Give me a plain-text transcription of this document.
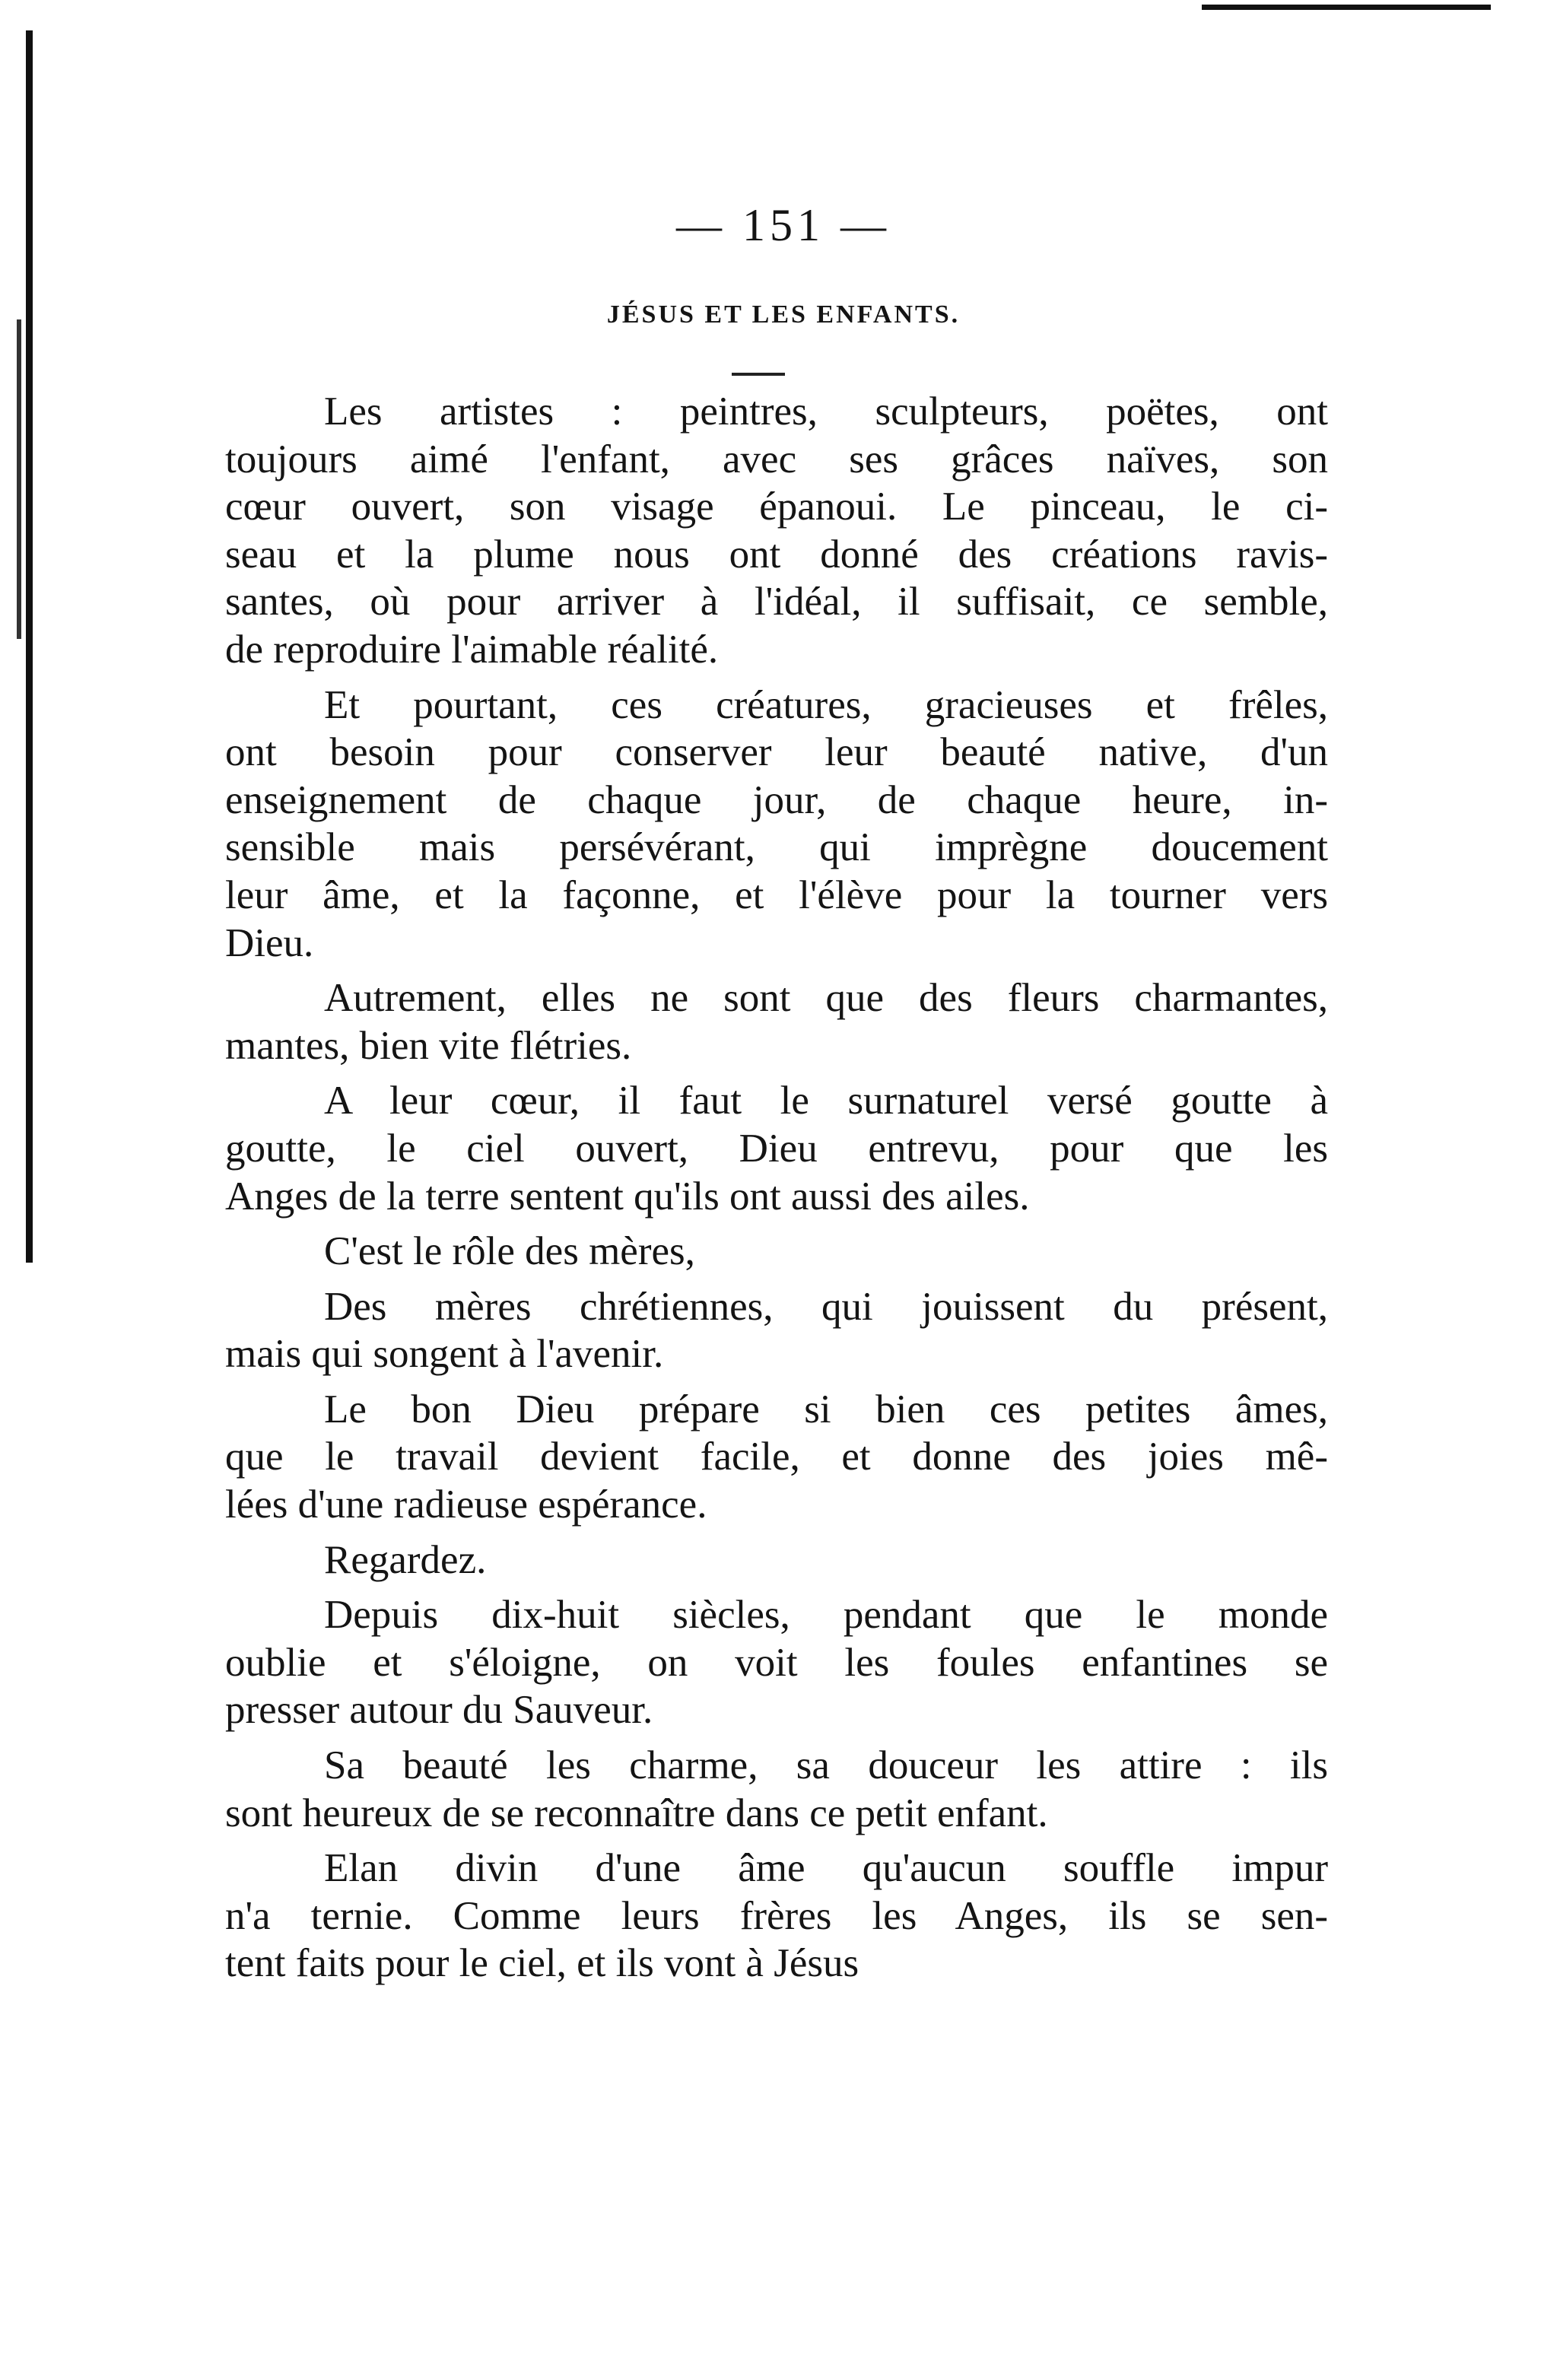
— 151 —
JÉSUS ET LES ENFANTS.
Les artistes : peintres, sculpteurs, poëtes, ont
toujours aimé l'enfant, avec ses grâces naïves, son
cœur ouvert, son visage épanoui. Le pinceau, le ci-
seau et la plume nous ont donné des créations ravis-
santes, où pour arriver à l'idéal, il suffisait, ce semble,
de reproduire l'aimable réalité.
Et pourtant, ces créatures, gracieuses et frêles,
ont besoin pour conserver leur beauté native, d'un
enseignement de chaque jour, de chaque heure, in-
sensible mais persévérant, qui imprègne doucement
leur âme, et la façonne, et l'élève pour la tourner vers
Dieu.
Autrement, elles ne sont que des fleurs charmantes,
mantes, bien vite flétries.
A leur cœur, il faut le surnaturel versé goutte à
goutte, le ciel ouvert, Dieu entrevu, pour que les
Anges de la terre sentent qu'ils ont aussi des ailes.
C'est le rôle des mères,
Des mères chrétiennes, qui jouissent du présent,
mais qui songent à l'avenir.
Le bon Dieu prépare si bien ces petites âmes,
que le travail devient facile, et donne des joies mê-
lées d'une radieuse espérance.
Regardez.
Depuis dix-huit siècles, pendant que le monde
oublie et s'éloigne, on voit les foules enfantines se
presser autour du Sauveur.
Sa beauté les charme, sa douceur les attire : ils
sont heureux de se reconnaître dans ce petit enfant.
Elan divin d'une âme qu'aucun souffle impur
n'a ternie. Comme leurs frères les Anges, ils se sen-
tent faits pour le ciel, et ils vont à Jésus
